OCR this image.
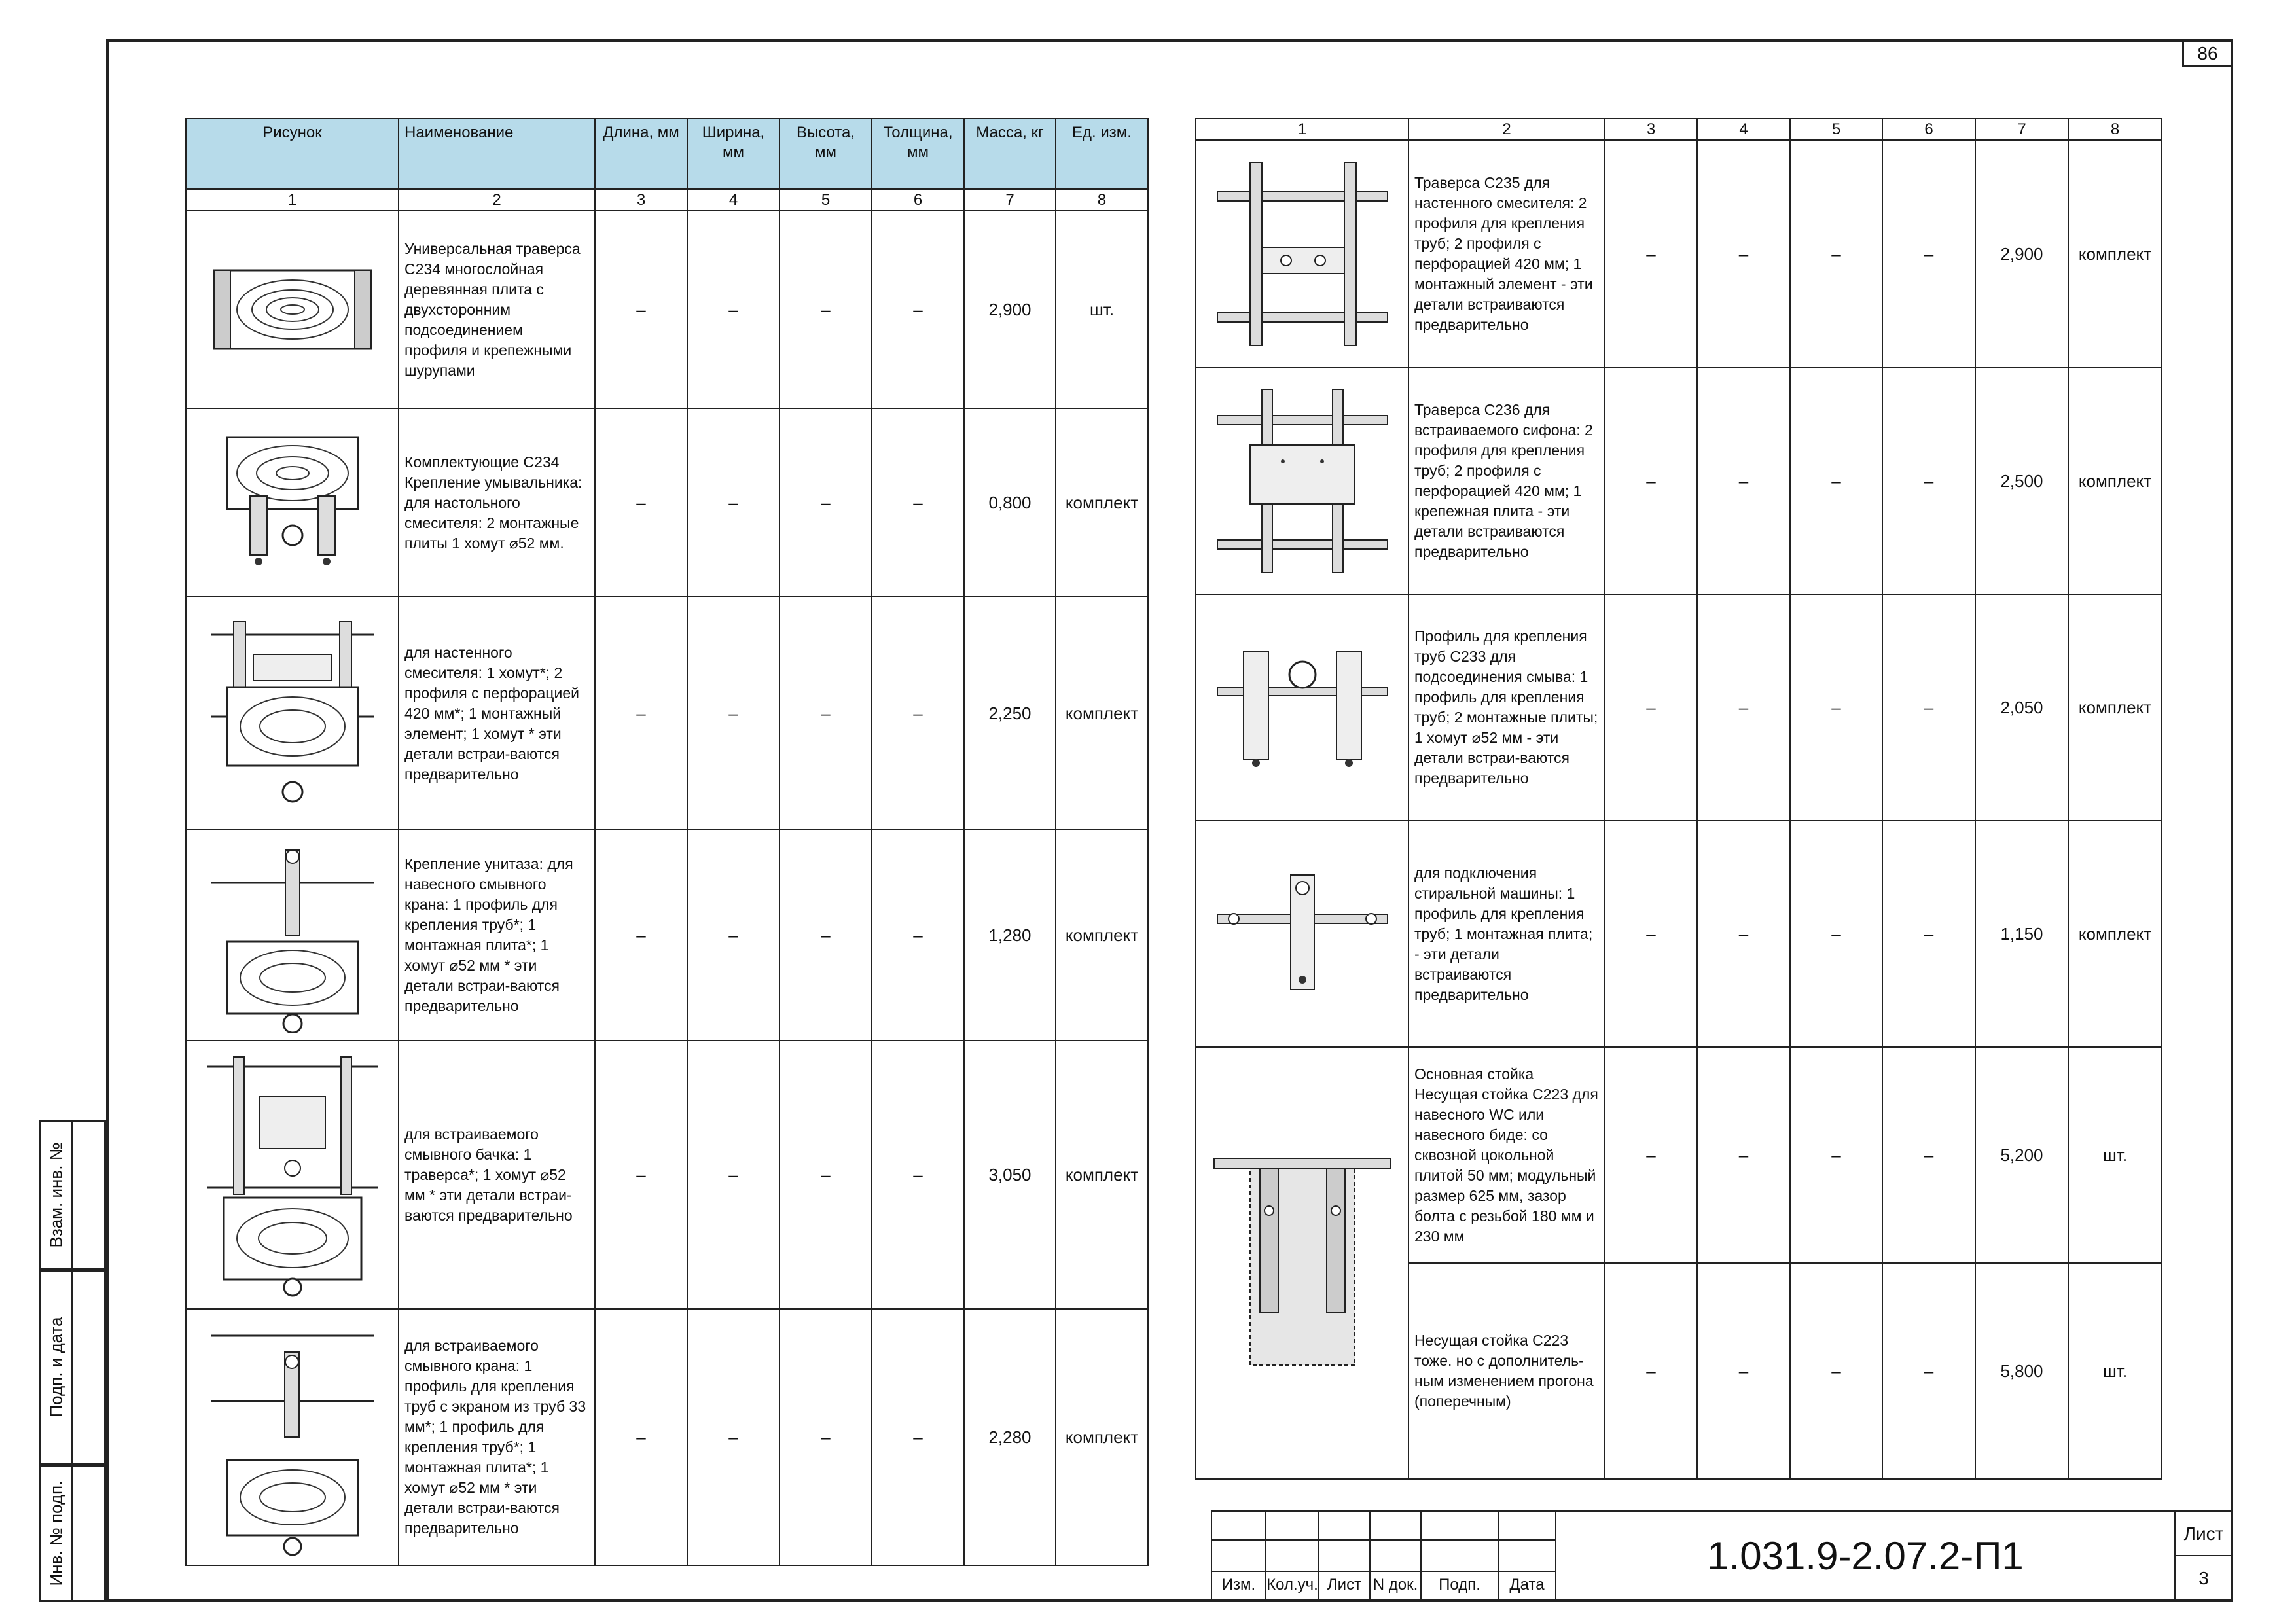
86
Взам. инв. №
Подп. и дата
Инв. № подп.
Рисунок	Наименование	Длина, мм	Ширина, мм	Высота, мм	Толщина, мм	Масса, кг	Ед. изм.
1	2	3	4	5	6	7	8

	Универсальная траверса С234 многослойная деревянная плита с двухсторонним подсоединением профиля и крепежными шурупами	–	–	–	–	2,900	шт.

	Комплектующие С234 Крепление умывальника: для настольного смесителя: 2 монтажные плиты 1 хомут ⌀52 мм.	–	–	–	–	0,800	комплект

	для настенного смесителя: 1 хомут*; 2 профиля с перфорацией 420 мм*; 1 монтажный элемент; 1 хомут * эти детали встраи-ваются предварительно	–	–	–	–	2,250	комплект

	Крепление унитаза: для навесного смывного крана: 1 профиль для крепления труб*; 1 монтажная плита*; 1 хомут ⌀52 мм * эти детали встраи-ваются предварительно	–	–	–	–	1,280	комплект

	для встраиваемого смывного бачка: 1 траверса*; 1 хомут ⌀52 мм * эти детали встраи-ваются предварительно	–	–	–	–	3,050	комплект

	для встраиваемого смывного крана: 1 профиль для крепления труб с экраном из труб 33 мм*; 1 профиль для крепления труб*; 1 монтажная плита*; 1 хомут ⌀52 мм * эти детали встраи-ваются предварительно	–	–	–	–	2,280	комплект
1	2	3	4	5	6	7	8

	Траверса С235 для настенного смесителя: 2 профиля для крепления труб; 2 профиля с перфорацией 420 мм; 1 монтажный элемент - эти детали встраиваются предварительно	–	–	–	–	2,900	комплект

	Траверса С236 для встраиваемого сифона: 2 профиля для крепления труб; 2 профиля с перфорацией 420 мм; 1 крепежная плита - эти детали встраиваются предварительно	–	–	–	–	2,500	комплект

	Профиль для крепления труб С233 для подсоединения смыва: 1 профиль для крепления труб; 2 монтажные плиты; 1 хомут ⌀52 мм - эти детали встраи-ваются предварительно	–	–	–	–	2,050	комплект

	для подключения стиральной машины: 1 профиль для крепления труб; 1 монтажная плита; - эти детали встраиваются предварительно	–	–	–	–	1,150	комплект

	Основная стойка Несущая стойка С223 для навесного WC или навесного биде: со сквозной цокольной плитой 50 мм; модульный размер 625 мм, зазор болта с резьбой 180 мм и 230 мм	–	–	–	–	5,200	шт.
	Несущая стойка С223 тоже. но с дополнитель-ным изменением прогона (поперечным)	–	–	–	–	5,800	шт.
Изм. Кол.уч. Лист N док.	Подп.	Дата
Лист
3
1.031.9-2.07.2-П1
